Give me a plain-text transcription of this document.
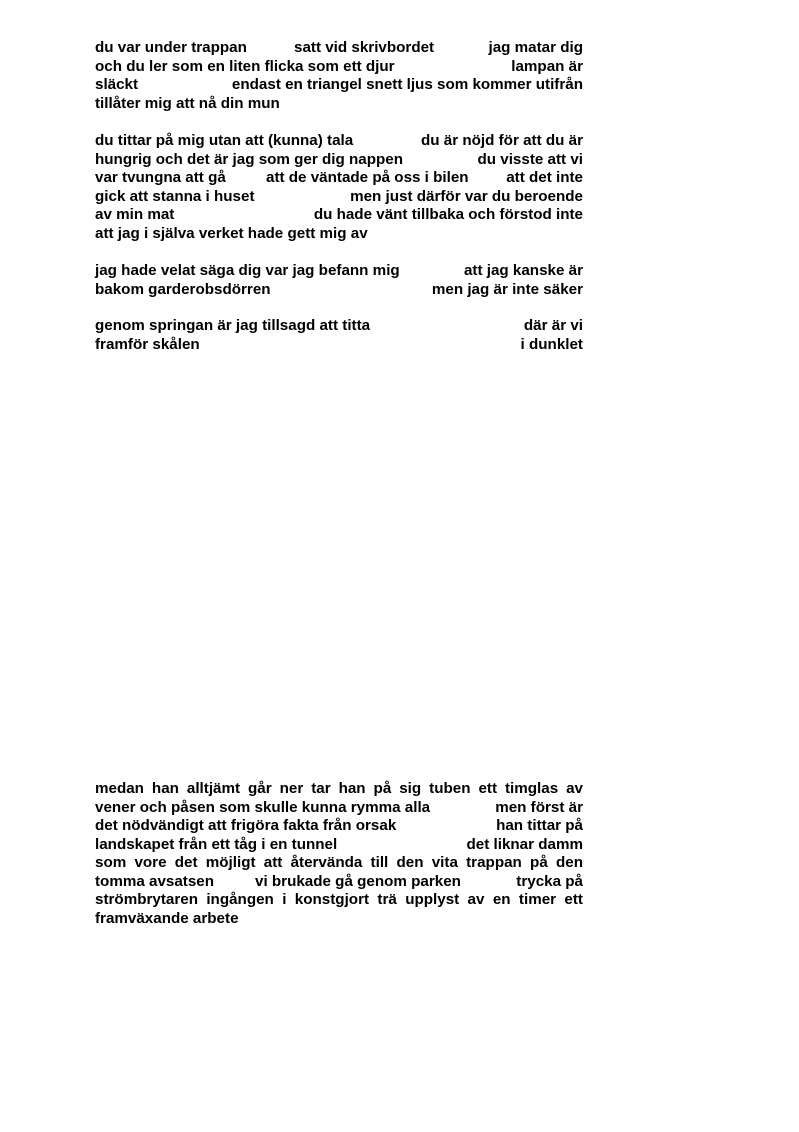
du var under trappan	satt vid skrivbordet	jag matar dig
och du ler som en liten flicka som ett djur	lampan är
släckt	endast en triangel snett ljus som kommer utifrån
tillåter mig att nå din mun
du tittar på mig utan att (kunna) tala	du är nöjd för att du är
hungrig och det är jag som ger dig nappen	du visste att vi
var tvungna att gå	att de väntade på oss i bilen att det inte
gick att stanna i huset	men just därför var du beroende
av min mat	du hade vänt tillbaka och förstod inte
att jag i själva verket hade gett mig av
jag hade velat säga dig var jag befann mig	att jag kanske är
bakom garderobsdörren	men jag är inte säker
genom springan är jag tillsagd att titta	där är vi
framför skålen	i dunklet
medan han alltjämt går ner tar han på sig tuben ett timglas av
vener och påsen som skulle kunna rymma alla	men först är
det nödvändigt att frigöra fakta från orsak	han tittar på
landskapet från ett tåg i en tunnel	det liknar damm
som vore det möjligt att återvända till den vita trappan på den
tomma avsatsen	vi brukade gå genom parken	trycka på
strömbrytaren ingången i konstgjort trä upplyst av en timer ett
framväxande arbete
